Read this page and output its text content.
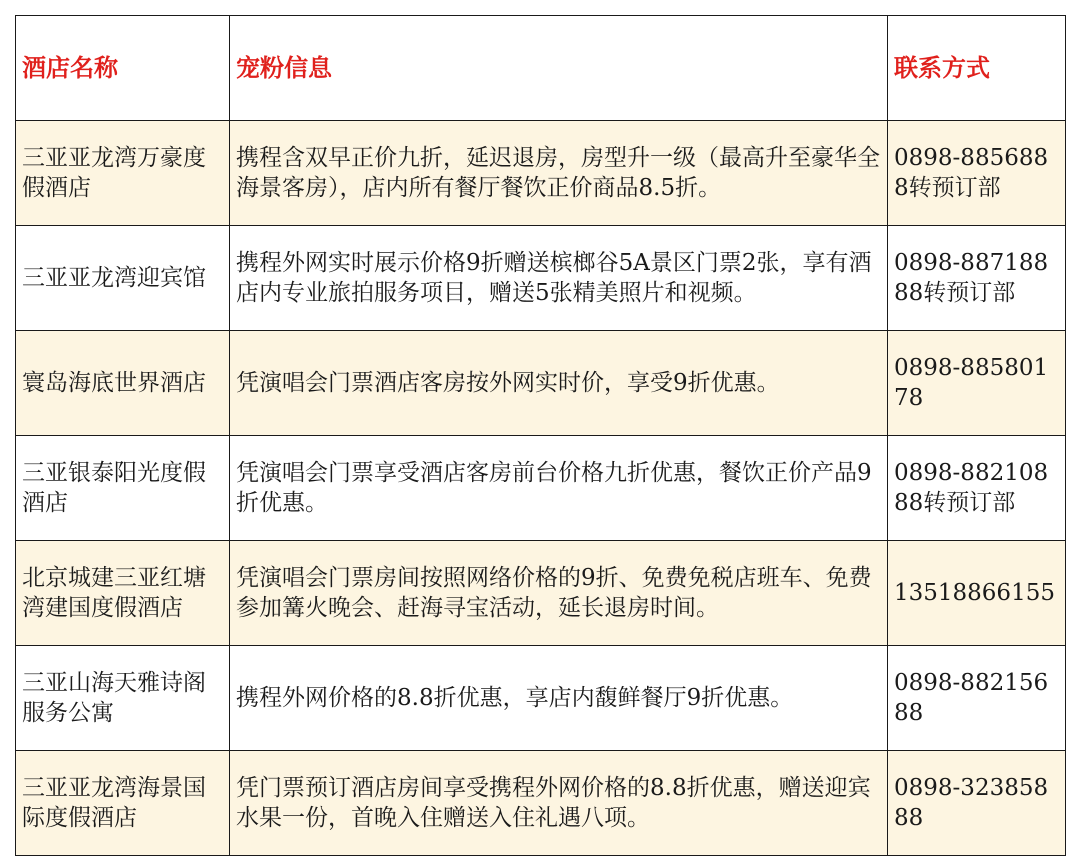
酒店名称	宠粉信息	联系方式
三亚亚龙湾万豪度假酒店	携程含双早正价九折，延迟退房，房型升一级（最高升至豪华全海景客房），店内所有餐厅餐饮正价商品8.5折。	0898-8856888转预订部
三亚亚龙湾迎宾馆	携程外网实时展示价格9折赠送槟榔谷5A景区门票2张，享有酒店内专业旅拍服务项目，赠送5张精美照片和视频。	0898-88718888转预订部
寰岛海底世界酒店	凭演唱会门票酒店客房按外网实时价，享受9折优惠。	0898-88580178
三亚银泰阳光度假酒店	凭演唱会门票享受酒店客房前台价格九折优惠，餐饮正价产品9折优惠。	0898-88210888转预订部
北京城建三亚红塘湾建国度假酒店	凭演唱会门票房间按照网络价格的9折、免费免税店班车、免费参加篝火晚会、赶海寻宝活动，延长退房时间。	13518866155
三亚山海天雅诗阁服务公寓	携程外网价格的8.8折优惠，享店内馥鲜餐厅9折优惠。	0898-88215688
三亚亚龙湾海景国际度假酒店	凭门票预订酒店房间享受携程外网价格的8.8折优惠，赠送迎宾水果一份，首晚入住赠送入住礼遇八项。	0898-32385888
